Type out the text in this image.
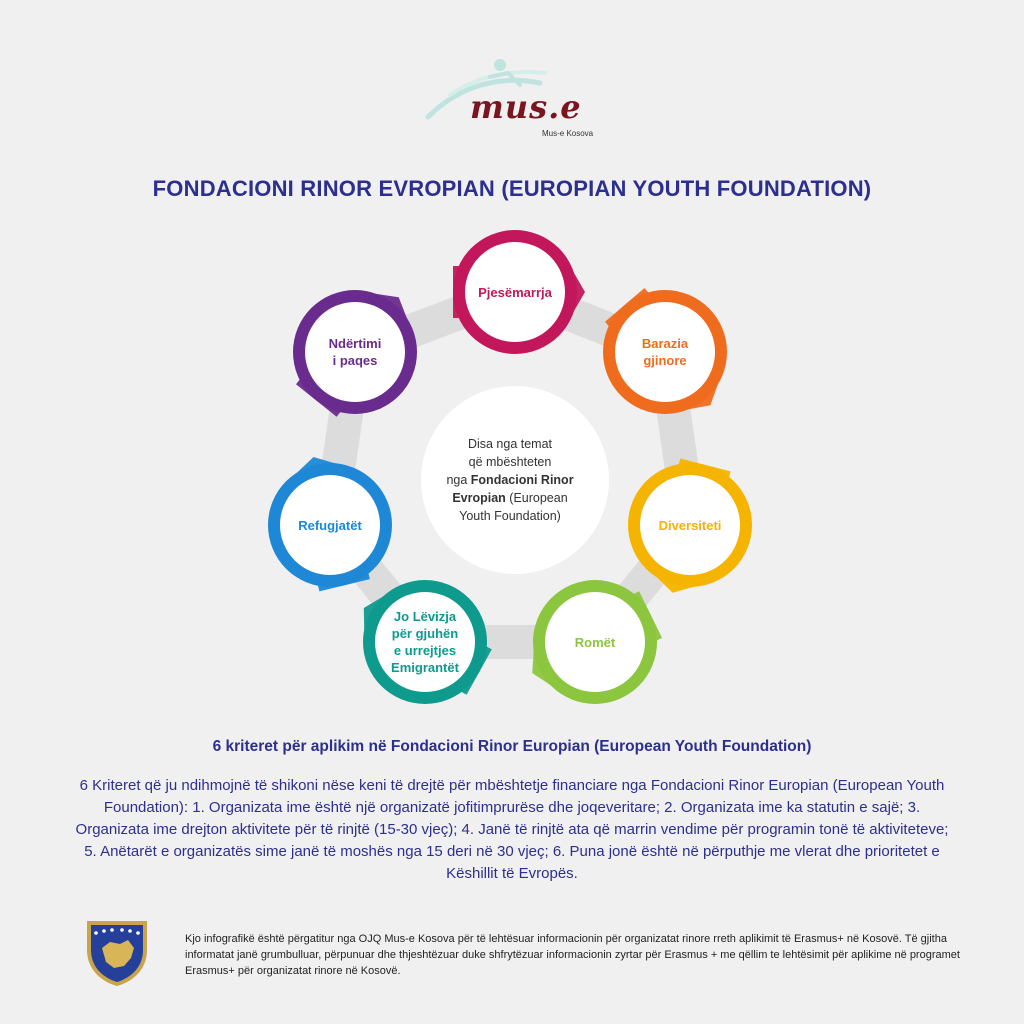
mus.e
Mus-e Kosova
FONDACIONI RINOR EVROPIAN (EUROPIAN YOUTH FOUNDATION)
Pjesëmarrja
Barazia
gjinore
Diversiteti
Romët
Jo Lëvizja
për gjuhën
e urrejtjes
Emigrantët
Refugjatët
Ndërtimi
i paqes
Disa nga temat
që mbështeten
nga Fondacioni Rinor
Evropian (European
Youth Foundation)
6 kriteret për aplikim në Fondacioni Rinor Europian (European Youth Foundation)
6 Kriteret që ju ndihmojnë të shikoni nëse keni të drejtë për mbështetje financiare nga Fondacioni Rinor Europian (European Youth Foundation): 1. Organizata ime është një organizatë jofitimprurëse dhe joqeveritare; 2. Organizata ime ka statutin e sajë; 3. Organizata ime drejton aktivitete për të rinjtë (15-30 vjeç); 4. Janë të rinjtë ata që marrin vendime për programin tonë të aktiviteteve; 5. Anëtarët e organizatës sime janë të moshës nga 15 deri në 30 vjeç; 6. Puna jonë është në përputhje me vlerat dhe prioritetet e Këshillit të Evropës.
Kjo infografikë është përgatitur nga OJQ Mus-e Kosova për të lehtësuar informacionin për organizatat rinore rreth aplikimit të Erasmus+ në Kosovë. Të gjitha informatat janë grumbulluar, përpunuar dhe thjeshtëzuar duke shfrytëzuar informacionin zyrtar për Erasmus + me qëllim te lehtësimit për aplikime në programet Erasmus+ për organizatat rinore në Kosovë.
